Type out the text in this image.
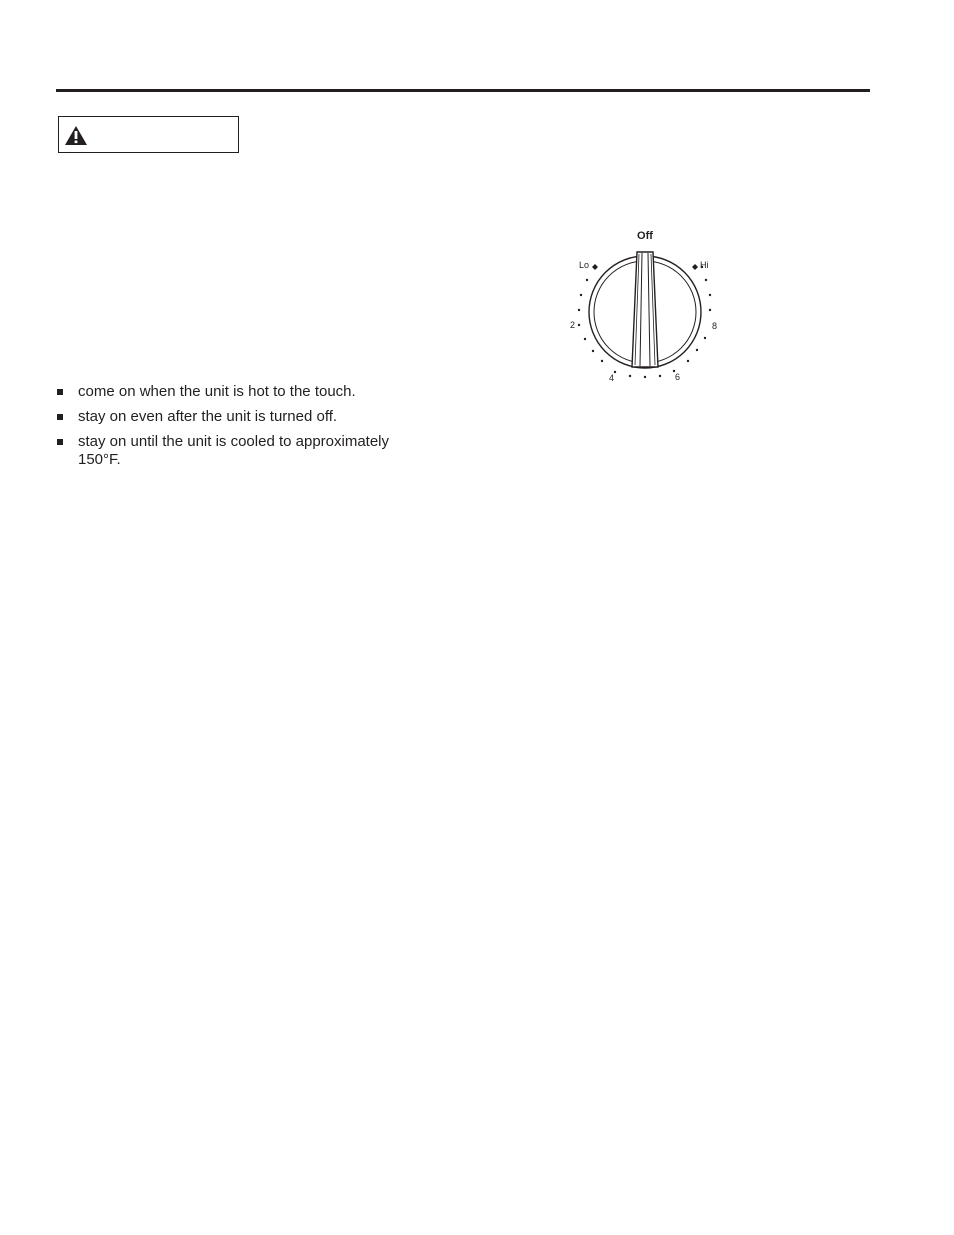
come on when the unit is hot to the touch.
stay on even after the unit is turned off.
stay on until the unit is cooled to approximately 150°F.
Off
Lo	Hi
2	8
4	6
